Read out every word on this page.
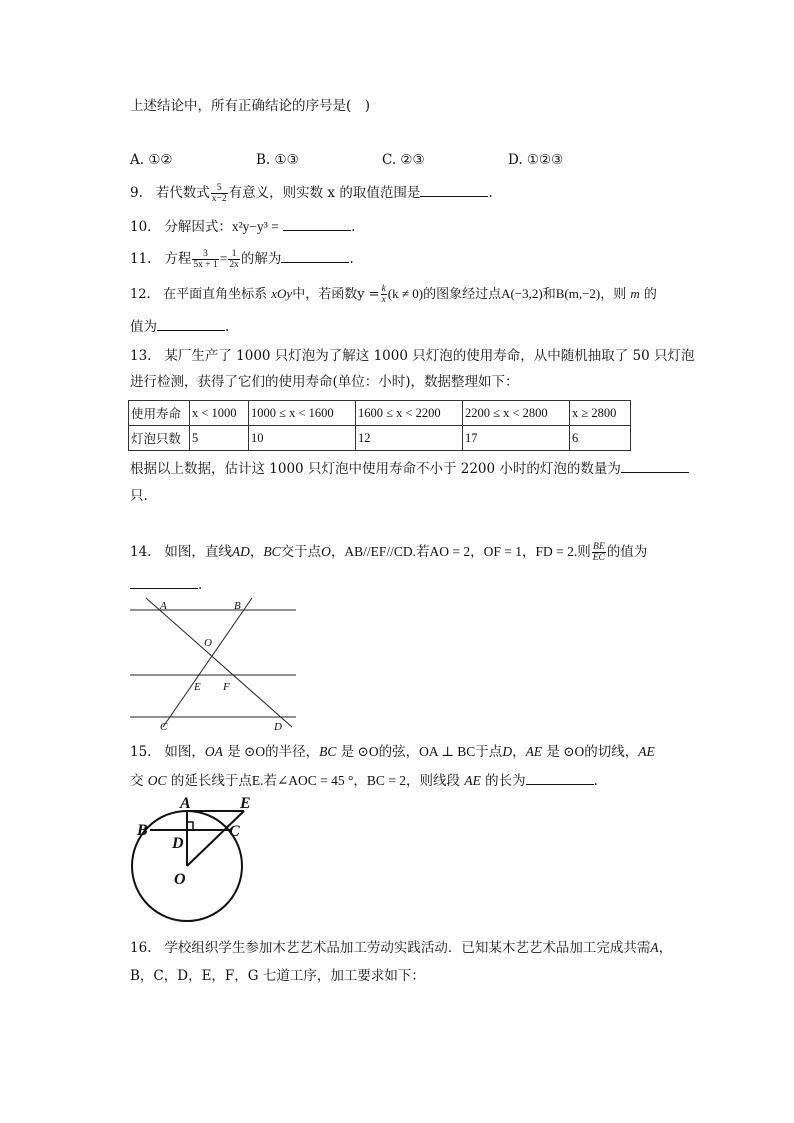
上述结论中，所有正确结论的序号是(　)
A. ①②	B. ①③	C. ②③	D. ①②③
9. 若代数式 $\frac{5}{x-2}$ 有意义，则实数 x 的取值范围是	.
10. 分解因式：x²y−y³ =	.
11. 方程 $\frac{3}{5x + 1} = \frac{1}{2x}$ 的解为	.
12. 在平面直角坐标系 xOy中，若函数$y = \frac{k}{x} (k \ne 0)$的图象经过点A(−3,2)和B(m,−2)，则 m 的
值为	.
13. 某厂生产了 1000 只灯泡为了解这 1000 只灯泡的使用寿命，从中随机抽取了 50 只灯泡
进行检测，获得了它们的使用寿命(单位：小时)，数据整理如下：
使用寿命	x < 1000	1000 ≤ x < 1600	1600 ≤ x < 2200	2200 ≤ x < 2800	x ≥ 2800
灯泡只数	5	10	12	17	6
根据以上数据，估计这 1000 只灯泡中使用寿命不小于 2200 小时的灯泡的数量为
只.
14. 如图，直线AD，BC交于点O，AB//EF//CD.若AO = 2，OF = 1，FD = 2.则 $\frac{BE}{EC}$ 的值为
.
A	B
O
E F
C	D
15. 如图，OA 是 ⊙O的半径，BC 是 ⊙O的弦，OA ⊥ BC于点D，AE 是 ⊙O的切线，AE
交 OC 的延长线于点E.若∠AOC = 45 °，BC = 2，则线段 AE 的长为	.
A	E
B
D
C
O
16. 学校组织学生参加木艺艺术品加工劳动实践活动．已知某木艺艺术品加工完成共需A，
B，C，D，E，F，G 七道工序，加工要求如下：
